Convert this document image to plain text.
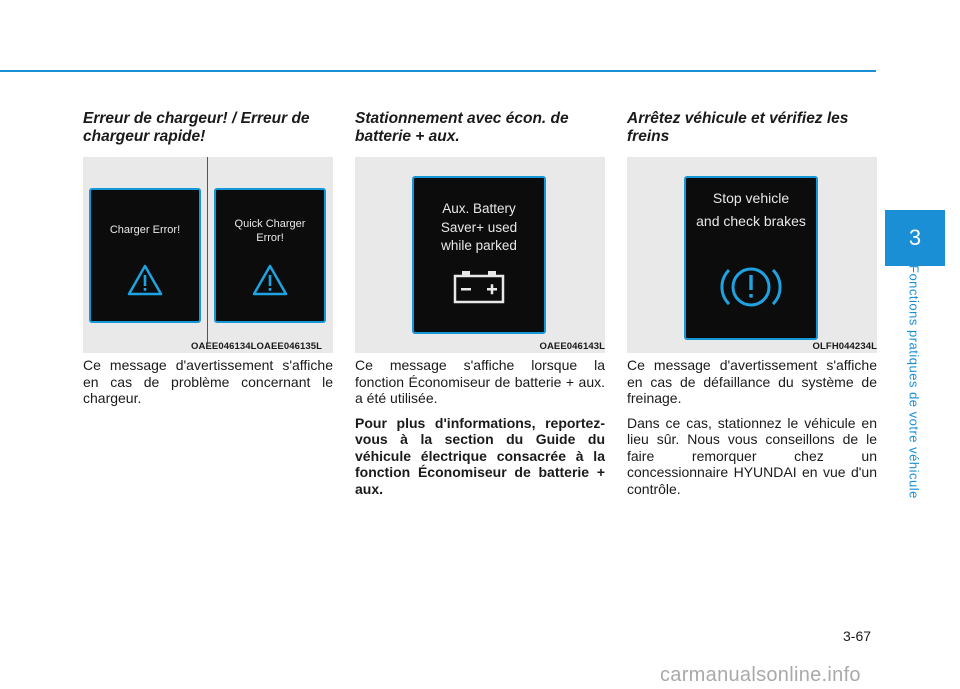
Erreur de chargeur! / Erreur de chargeur rapide!
Charger Error!	Quick Charger
Error!
OAEE046134LOAEE046135L

Ce message d'avertissement s'affiche en cas de problème concernant le chargeur.

Stationnement avec écon. de batterie + aux.
Aux. Battery
Saver+ used
while parked
OAEE046143L

Ce message s'affiche lorsque la fonction Économiseur de batterie + aux. a été utilisée.

Pour plus d'informations, reportez-vous à la section du Guide du véhicule électrique consacrée à la fonction Économiseur de batterie + aux.

Arrêtez véhicule et vérifiez les freins
Stop vehicle
and check brakes
OLFH044234L

Ce message d'avertissement s'affiche en cas de défaillance du système de freinage.

Dans ce cas, stationnez le véhicule en lieu sûr. Nous vous conseillons de le faire remorquer chez un concessionnaire HYUNDAI en vue d'un contrôle.

3
Fonctions pratiques de votre véhicule
3-67
carmanualsonline.info
